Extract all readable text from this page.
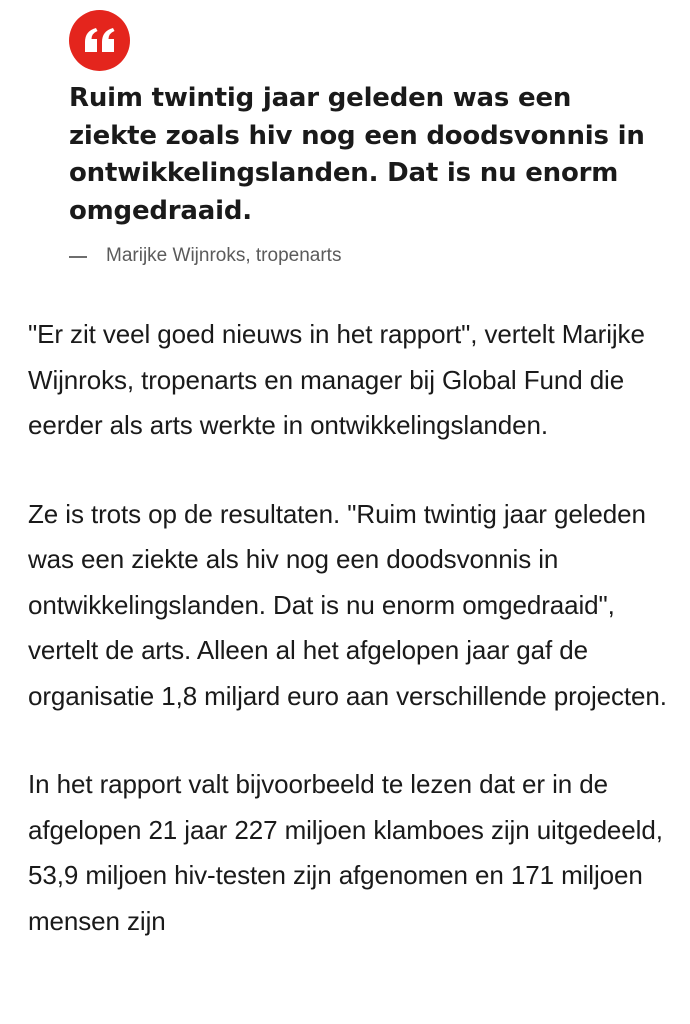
Ruim twintig jaar geleden was een ziekte zoals hiv nog een doodsvonnis in ontwikkelingslanden. Dat is nu enorm omgedraaid.

Marijke Wijnroks, tropenarts

"Er zit veel goed nieuws in het rapport", vertelt Marijke Wijnroks, tropenarts en manager bij Global Fund die eerder als arts werkte in ontwikkelingslanden.

Ze is trots op de resultaten. "Ruim twintig jaar geleden was een ziekte als hiv nog een doodsvonnis in ontwikkelingslanden. Dat is nu enorm omgedraaid", vertelt de arts. Alleen al het afgelopen jaar gaf de organisatie 1,8 miljard euro aan verschillende projecten.

In het rapport valt bijvoorbeeld te lezen dat er in de afgelopen 21 jaar 227 miljoen klamboes zijn uitgedeeld, 53,9 miljoen hiv-testen zijn afgenomen en 171 miljoen mensen zijn
